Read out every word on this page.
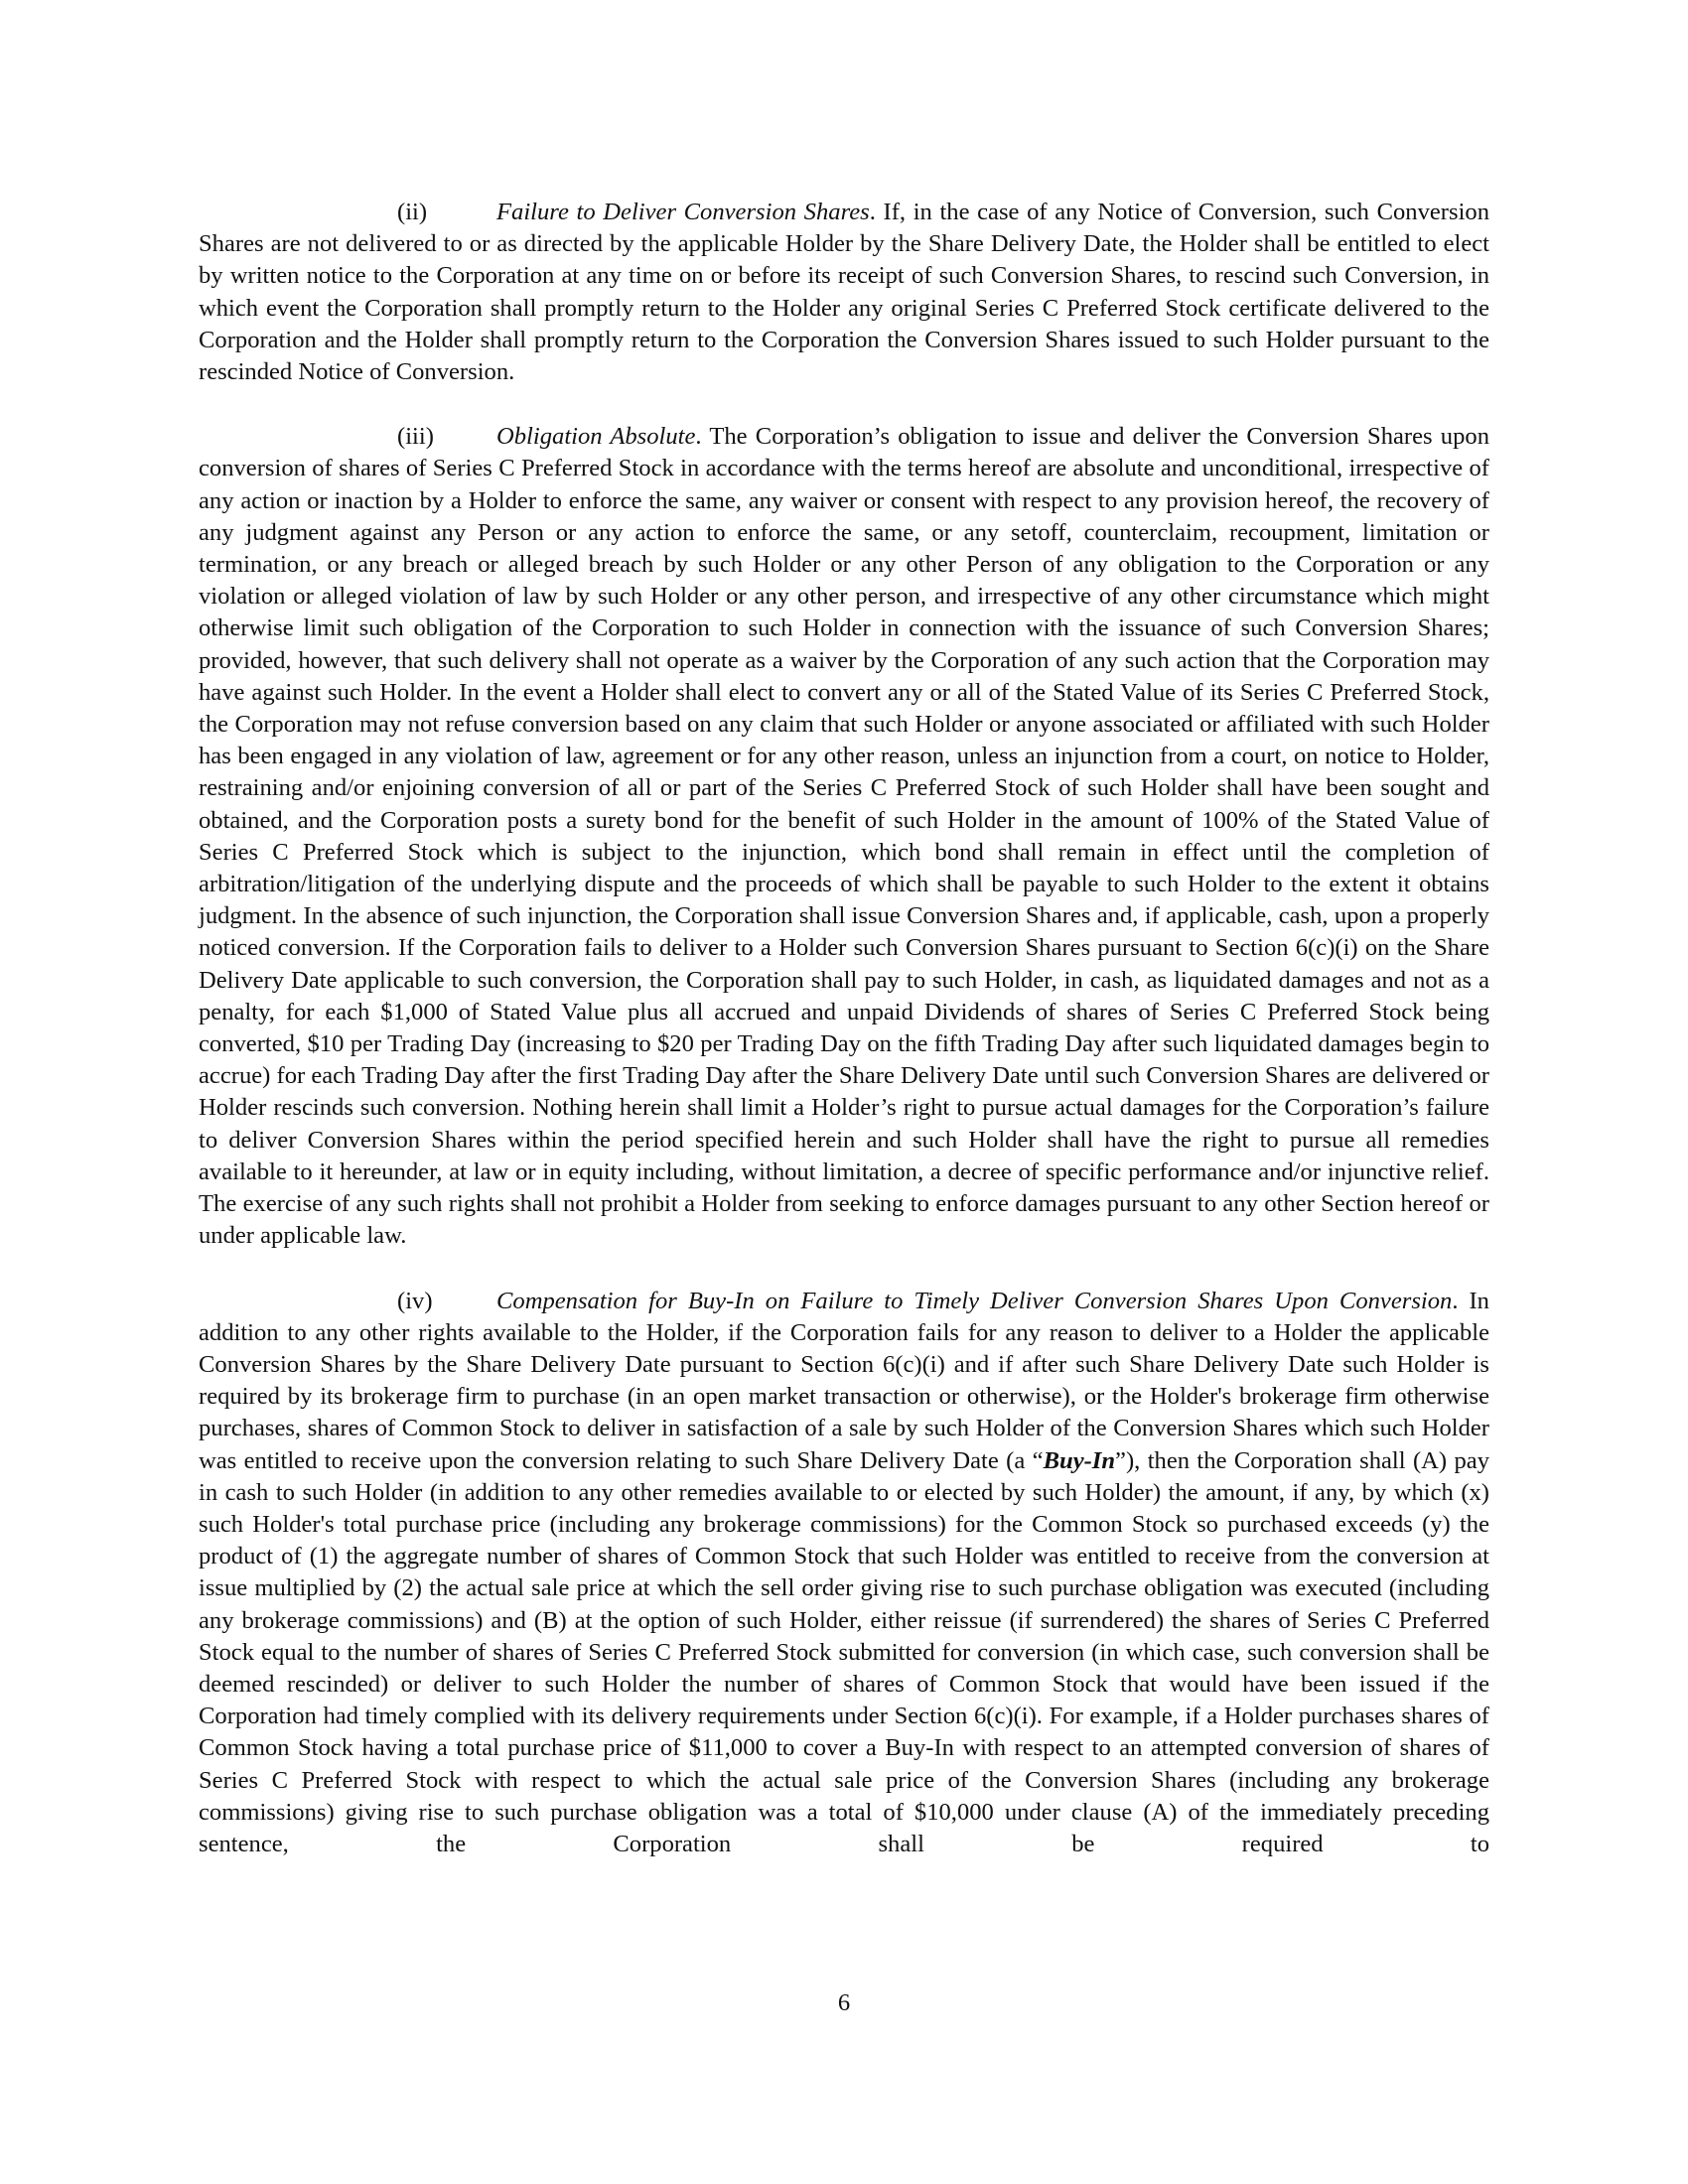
(ii)	Failure to Deliver Conversion Shares. If, in the case of any Notice of Conversion, such Conversion Shares are not delivered to or as directed by the applicable Holder by the Share Delivery Date, the Holder shall be entitled to elect by written notice to the Corporation at any time on or before its receipt of such Conversion Shares, to rescind such Conversion, in which event the Corporation shall promptly return to the Holder any original Series C Preferred Stock certificate delivered to the Corporation and the Holder shall promptly return to the Corporation the Conversion Shares issued to such Holder pursuant to the rescinded Notice of Conversion.

(iii)	Obligation Absolute. The Corporation’s obligation to issue and deliver the Conversion Shares upon conversion of shares of Series C Preferred Stock in accordance with the terms hereof are absolute and unconditional, irrespective of any action or inaction by a Holder to enforce the same, any waiver or consent with respect to any provision hereof, the recovery of any judgment against any Person or any action to enforce the same, or any setoff, counterclaim, recoupment, limitation or termination, or any breach or alleged breach by such Holder or any other Person of any obligation to the Corporation or any violation or alleged violation of law by such Holder or any other person, and irrespective of any other circumstance which might otherwise limit such obligation of the Corporation to such Holder in connection with the issuance of such Conversion Shares; provided, however, that such delivery shall not operate as a waiver by the Corporation of any such action that the Corporation may have against such Holder. In the event a Holder shall elect to convert any or all of the Stated Value of its Series C Preferred Stock, the Corporation may not refuse conversion based on any claim that such Holder or anyone associated or affiliated with such Holder has been engaged in any violation of law, agreement or for any other reason, unless an injunction from a court, on notice to Holder, restraining and/or enjoining conversion of all or part of the Series C Preferred Stock of such Holder shall have been sought and obtained, and the Corporation posts a surety bond for the benefit of such Holder in the amount of 100% of the Stated Value of Series C Preferred Stock which is subject to the injunction, which bond shall remain in effect until the completion of arbitration/litigation of the underlying dispute and the proceeds of which shall be payable to such Holder to the extent it obtains judgment. In the absence of such injunction, the Corporation shall issue Conversion Shares and, if applicable, cash, upon a properly noticed conversion. If the Corporation fails to deliver to a Holder such Conversion Shares pursuant to Section 6(c)(i) on the Share Delivery Date applicable to such conversion, the Corporation shall pay to such Holder, in cash, as liquidated damages and not as a penalty, for each $1,000 of Stated Value plus all accrued and unpaid Dividends of shares of Series C Preferred Stock being converted, $10 per Trading Day (increasing to $20 per Trading Day on the fifth Trading Day after such liquidated damages begin to accrue) for each Trading Day after the first Trading Day after the Share Delivery Date until such Conversion Shares are delivered or Holder rescinds such conversion. Nothing herein shall limit a Holder’s right to pursue actual damages for the Corporation’s failure to deliver Conversion Shares within the period specified herein and such Holder shall have the right to pursue all remedies available to it hereunder, at law or in equity including, without limitation, a decree of specific performance and/or injunctive relief. The exercise of any such rights shall not prohibit a Holder from seeking to enforce damages pursuant to any other Section hereof or under applicable law.

(iv)	Compensation for Buy-In on Failure to Timely Deliver Conversion Shares Upon Conversion. In addition to any other rights available to the Holder, if the Corporation fails for any reason to deliver to a Holder the applicable Conversion Shares by the Share Delivery Date pursuant to Section 6(c)(i) and if after such Share Delivery Date such Holder is required by its brokerage firm to purchase (in an open market transaction or otherwise), or the Holder's brokerage firm otherwise purchases, shares of Common Stock to deliver in satisfaction of a sale by such Holder of the Conversion Shares which such Holder was entitled to receive upon the conversion relating to such Share Delivery Date (a “Buy-In”), then the Corporation shall (A) pay in cash to such Holder (in addition to any other remedies available to or elected by such Holder) the amount, if any, by which (x) such Holder's total purchase price (including any brokerage commissions) for the Common Stock so purchased exceeds (y) the product of (1) the aggregate number of shares of Common Stock that such Holder was entitled to receive from the conversion at issue multiplied by (2) the actual sale price at which the sell order giving rise to such purchase obligation was executed (including any brokerage commissions) and (B) at the option of such Holder, either reissue (if surrendered) the shares of Series C Preferred Stock equal to the number of shares of Series C Preferred Stock submitted for conversion (in which case, such conversion shall be deemed rescinded) or deliver to such Holder the number of shares of Common Stock that would have been issued if the Corporation had timely complied with its delivery requirements under Section 6(c)(i). For example, if a Holder purchases shares of Common Stock having a total purchase price of $11,000 to cover a Buy-In with respect to an attempted conversion of shares of Series C Preferred Stock with respect to which the actual sale price of the Conversion Shares (including any brokerage commissions) giving rise to such purchase obligation was a total of $10,000 under clause (A) of the immediately preceding sentence, the Corporation shall be required to

6
